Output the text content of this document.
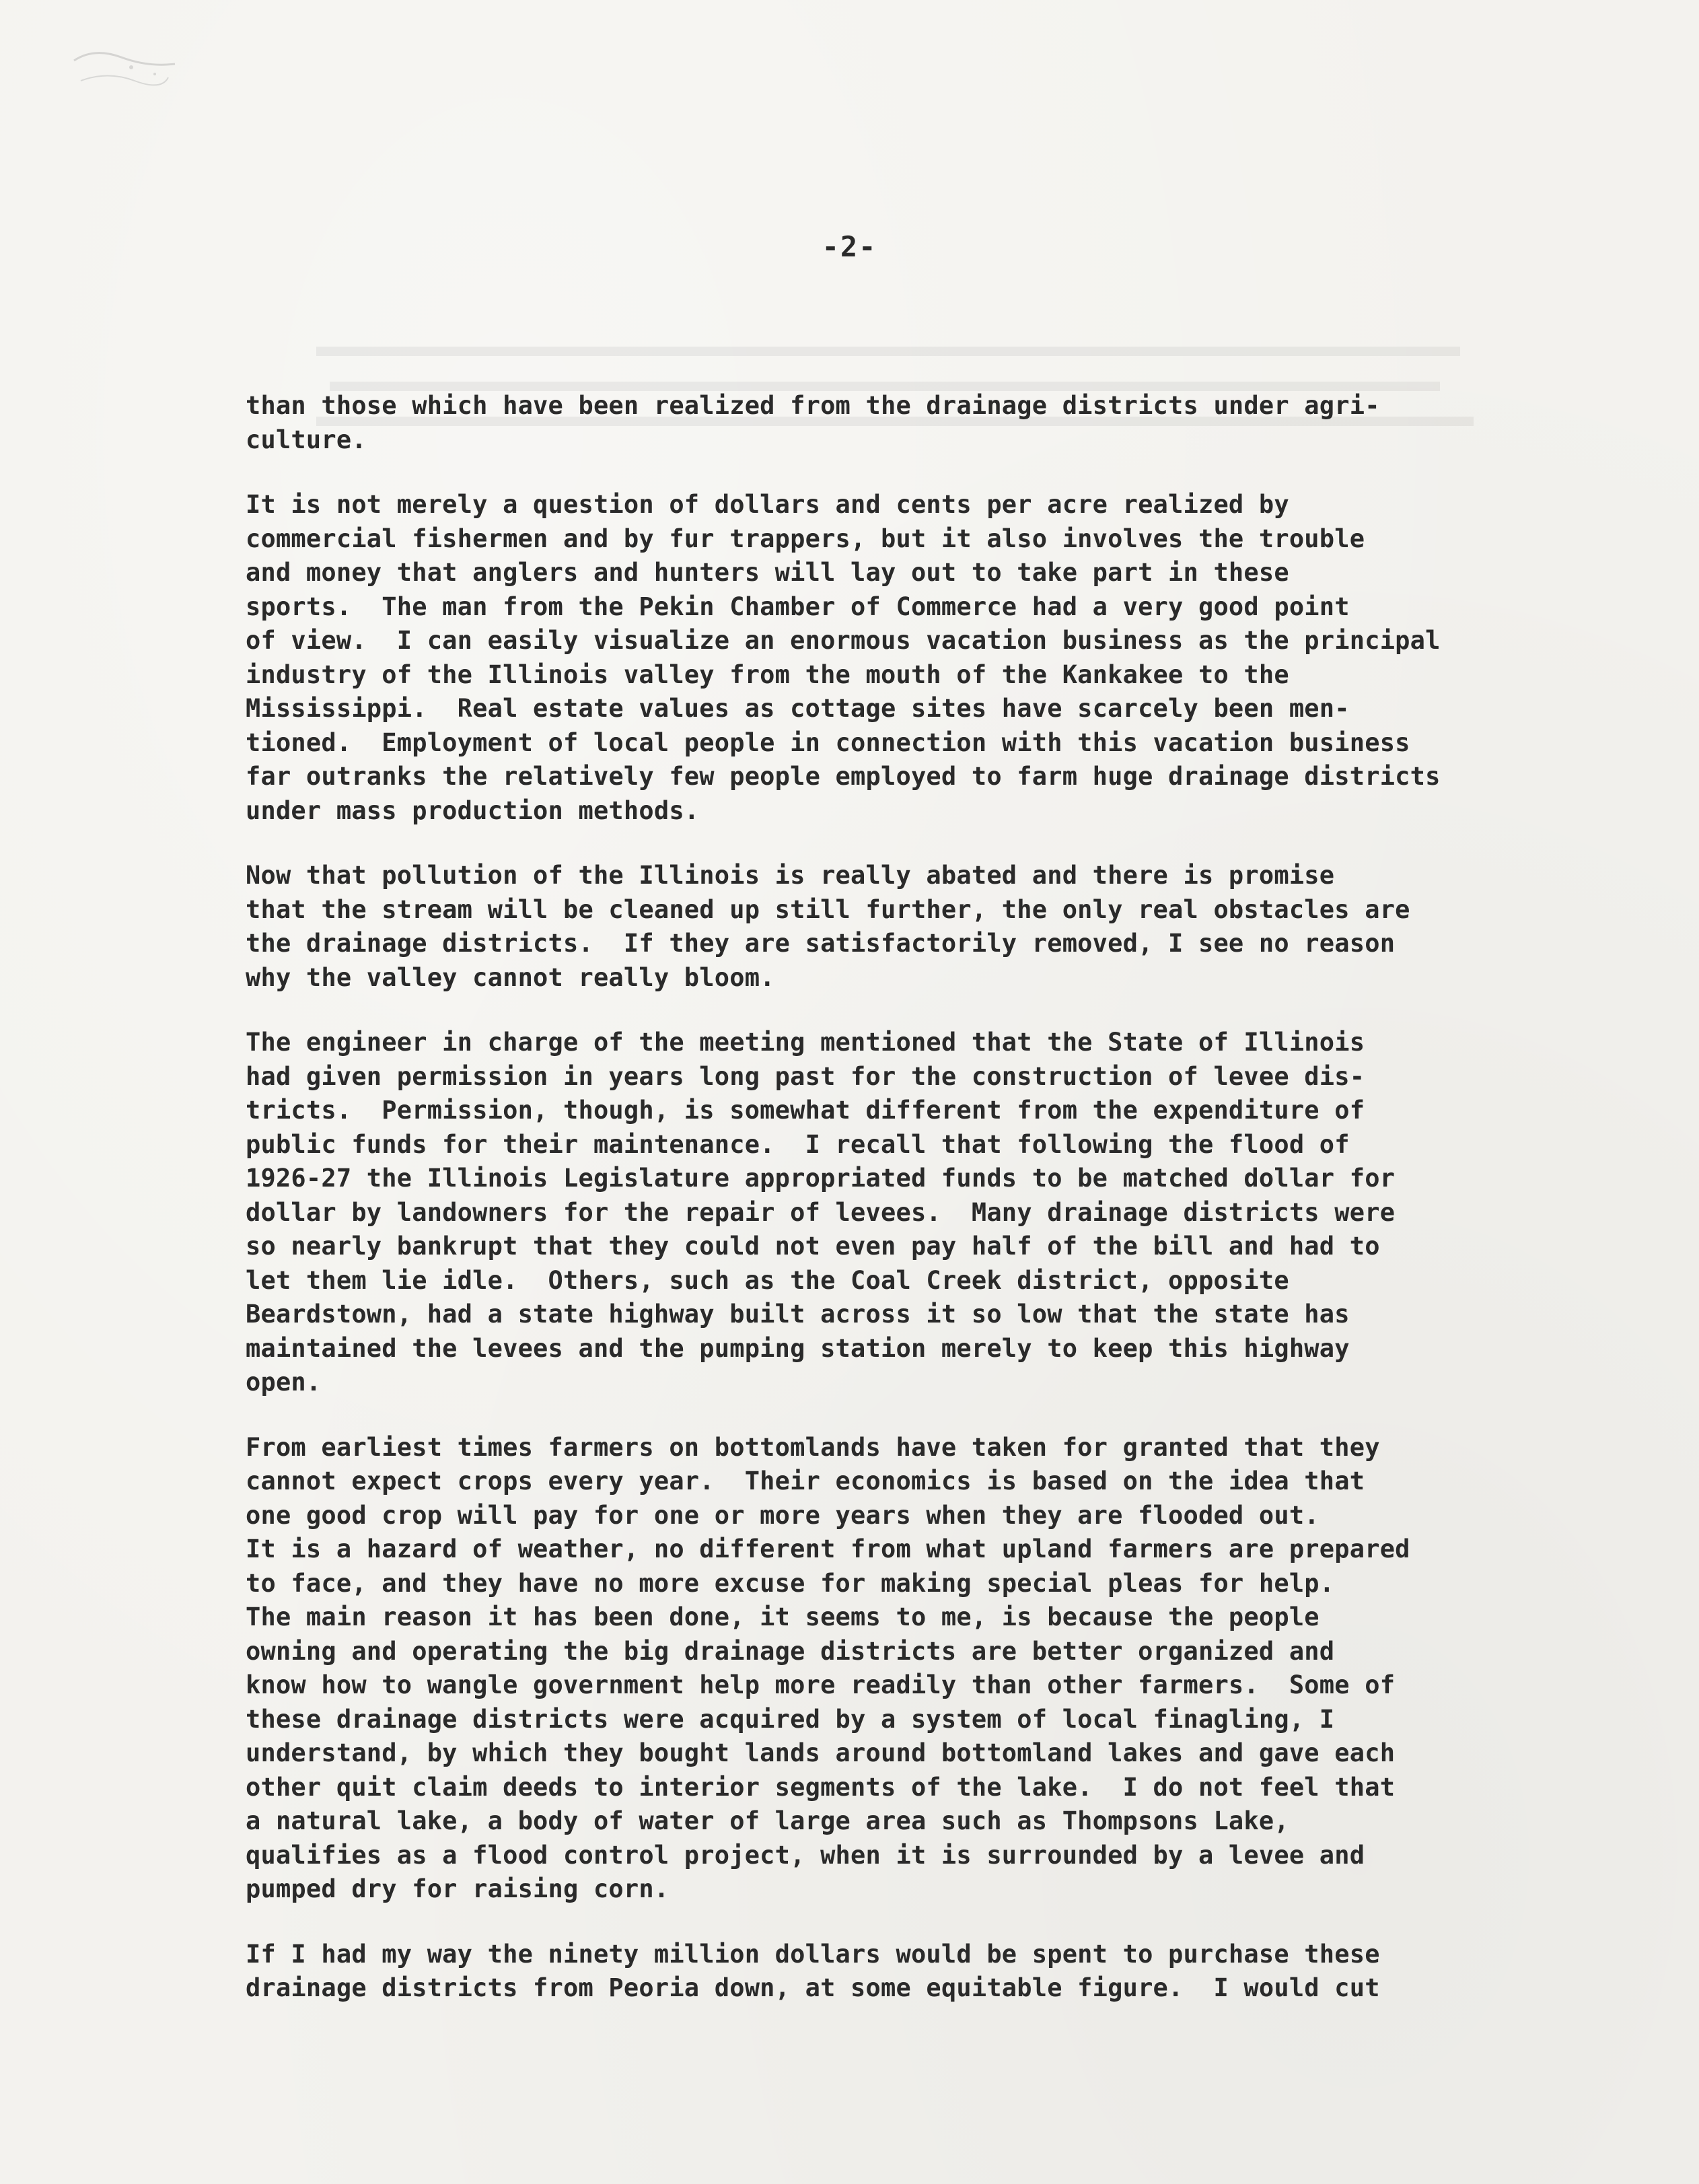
-2-
than those which have been realized from the drainage districts under agri-
culture.
It is not merely a question of dollars and cents per acre realized by
commercial fishermen and by fur trappers, but it also involves the trouble
and money that anglers and hunters will lay out to take part in these
sports.  The man from the Pekin Chamber of Commerce had a very good point
of view.  I can easily visualize an enormous vacation business as the principal
industry of the Illinois valley from the mouth of the Kankakee to the
Mississippi.  Real estate values as cottage sites have scarcely been men-
tioned.  Employment of local people in connection with this vacation business
far outranks the relatively few people employed to farm huge drainage districts
under mass production methods.
Now that pollution of the Illinois is really abated and there is promise
that the stream will be cleaned up still further, the only real obstacles are
the drainage districts.  If they are satisfactorily removed, I see no reason
why the valley cannot really bloom.
The engineer in charge of the meeting mentioned that the State of Illinois
had given permission in years long past for the construction of levee dis-
tricts.  Permission, though, is somewhat different from the expenditure of
public funds for their maintenance.  I recall that following the flood of
1926-27 the Illinois Legislature appropriated funds to be matched dollar for
dollar by landowners for the repair of levees.  Many drainage districts were
so nearly bankrupt that they could not even pay half of the bill and had to
let them lie idle.  Others, such as the Coal Creek district, opposite
Beardstown, had a state highway built across it so low that the state has
maintained the levees and the pumping station merely to keep this highway
open.
From earliest times farmers on bottomlands have taken for granted that they
cannot expect crops every year.  Their economics is based on the idea that
one good crop will pay for one or more years when they are flooded out.
It is a hazard of weather, no different from what upland farmers are prepared
to face, and they have no more excuse for making special pleas for help.
The main reason it has been done, it seems to me, is because the people
owning and operating the big drainage districts are better organized and
know how to wangle government help more readily than other farmers.  Some of
these drainage districts were acquired by a system of local finagling, I
understand, by which they bought lands around bottomland lakes and gave each
other quit claim deeds to interior segments of the lake.  I do not feel that
a natural lake, a body of water of large area such as Thompsons Lake,
qualifies as a flood control project, when it is surrounded by a levee and
pumped dry for raising corn.
If I had my way the ninety million dollars would be spent to purchase these
drainage districts from Peoria down, at some equitable figure.  I would cut
